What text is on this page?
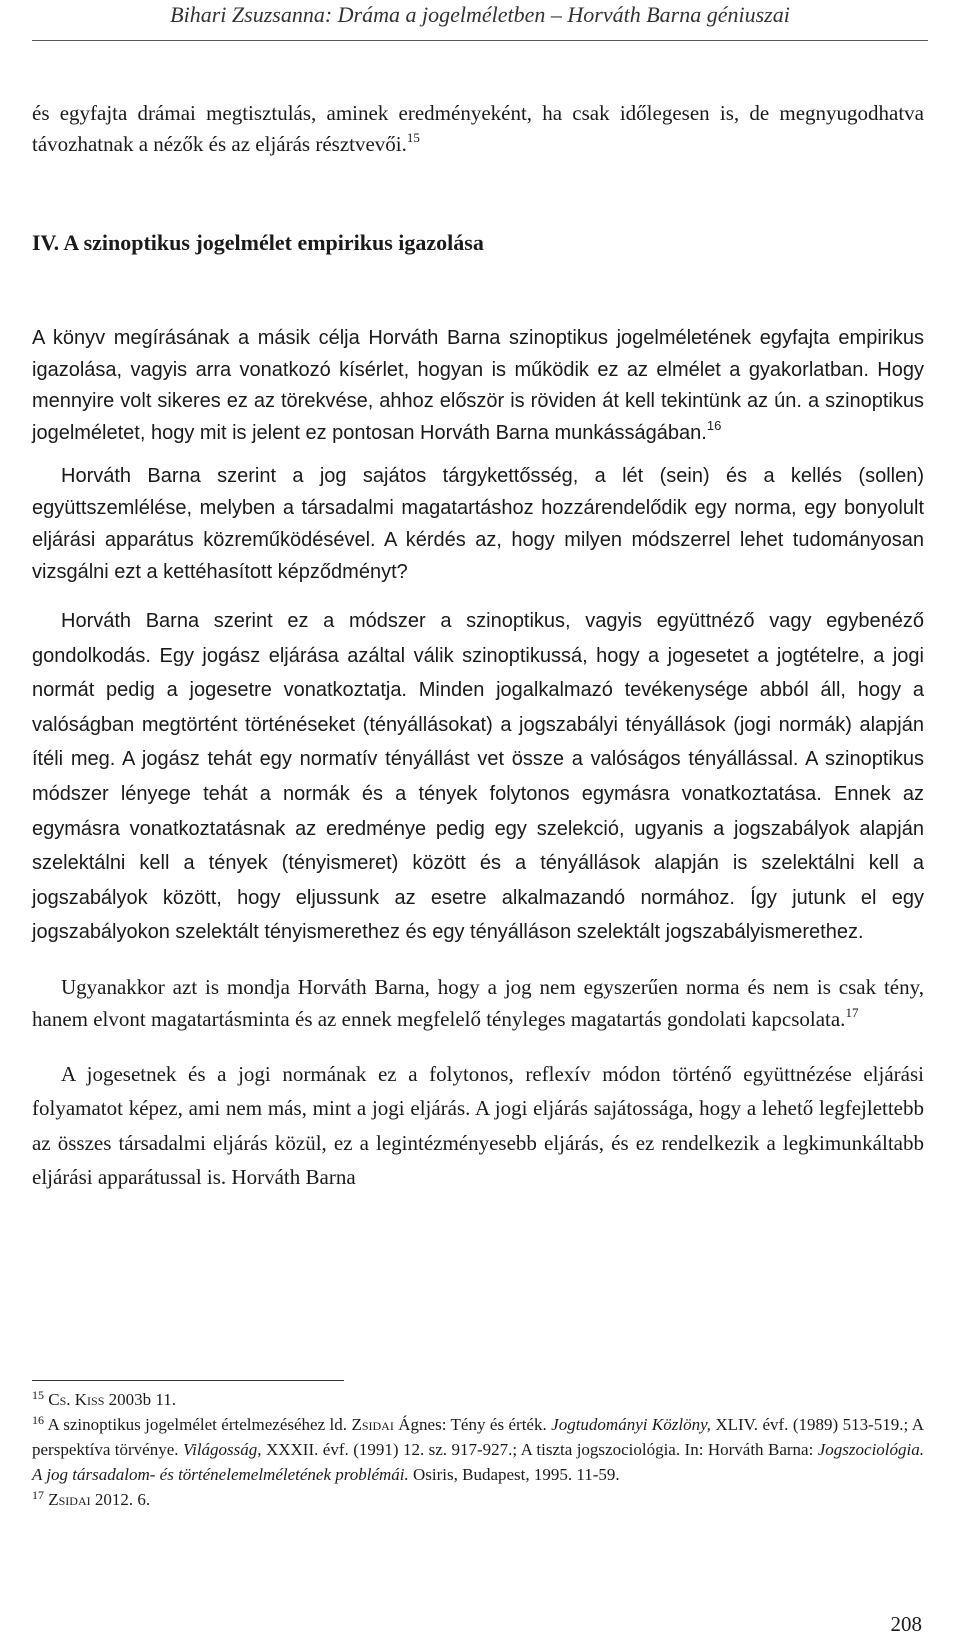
Bihari Zsuzsanna: Dráma a jogelméletben – Horváth Barna géniuszai

és egyfajta drámai megtisztulás, aminek eredményeként, ha csak időlegesen is, de megnyugodhatva távozhatnak a nézők és az eljárás résztvevői.$^{15}$

IV. A szinoptikus jogelmélet empirikus igazolása

A könyv megírásának a másik célja Horváth Barna szinoptikus jogelméletének egyfajta empirikus igazolása, vagyis arra vonatkozó kísérlet, hogyan is működik ez az elmélet a gyakorlatban. Hogy mennyire volt sikeres ez az törekvése, ahhoz először is röviden át kell tekintünk az ún. a szinoptikus jogelméletet, hogy mit is jelent ez pontosan Horváth Barna munkásságában.$^{16}$

Horváth Barna szerint a jog sajátos tárgykettősség, a lét (sein) és a kellés (sollen) együttszemlélése, melyben a társadalmi magatartáshoz hozzárendelődik egy norma, egy bonyolult eljárási apparátus közreműködésével. A kérdés az, hogy milyen módszerrel lehet tudományosan vizsgálni ezt a kettéhasított képződményt?

Horváth Barna szerint ez a módszer a szinoptikus, vagyis együttnéző vagy egybenéző gondolkodás. Egy jogász eljárása azáltal válik szinoptikussá, hogy a jogesetet a jogtételre, a jogi normát pedig a jogesetre vonatkoztatja. Minden jogalkalmazó tevékenysége abból áll, hogy a valóságban megtörtént történéseket (tényállásokat) a jogszabályi tényállások (jogi normák) alapján ítéli meg. A jogász tehát egy normatív tényállást vet össze a valóságos tényállással. A szinoptikus módszer lényege tehát a normák és a tények folytonos egymásra vonatkoztatása. Ennek az egymásra vonatkoztatásnak az eredménye pedig egy szelekció, ugyanis a jogszabályok alapján szelektálni kell a tények (tényismeret) között és a tényállások alapján is szelektálni kell a jogszabályok között, hogy eljussunk az esetre alkalmazandó normához. Így jutunk el egy jogszabályokon szelektált tényismerethez és egy tényálláson szelektált jogszabályismerethez.

Ugyanakkor azt is mondja Horváth Barna, hogy a jog nem egyszerűen norma és nem is csak tény, hanem elvont magatartásminta és az ennek megfelelő tényleges magatartás gondolati kapcsolata.$^{17}$

A jogesetnek és a jogi normának ez a folytonos, reflexív módon történő együttnézése eljárási folyamatot képez, ami nem más, mint a jogi eljárás. A jogi eljárás sajátossága, hogy a lehető legfejlettebb az összes társadalmi eljárás közül, ez a legintézményesebb eljárás, és ez rendelkezik a legkimunkáltabb eljárási apparátussal is. Horváth Barna

$^{15}$ Cs. Kiss 2003b 11.

$^{16}$ A szinoptikus jogelmélet értelmezéséhez ld. Zsidai Ágnes: Tény és érték. Jogtudományi Közlöny, XLIV. évf. (1989) 513-519.; A perspektíva törvénye. Világosság, XXXII. évf. (1991) 12. sz. 917-927.; A tiszta jogszociológia. In: Horváth Barna: Jogszociológia. A jog társadalom- és történelemelméletének problémái. Osiris, Budapest, 1995. 11-59.

$^{17}$ Zsidai 2012. 6.

208
